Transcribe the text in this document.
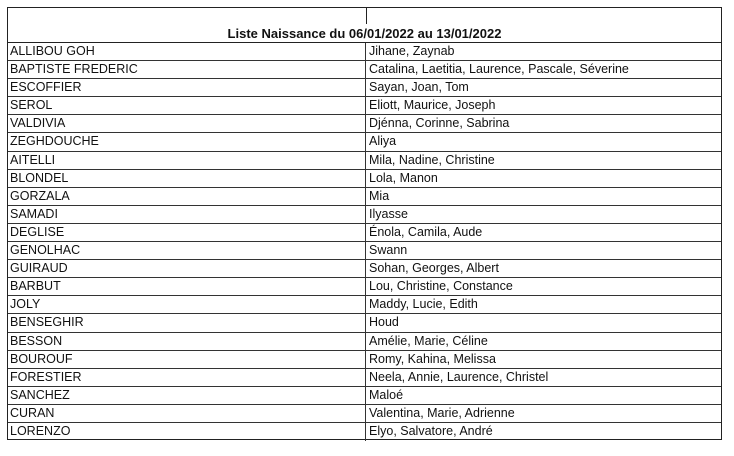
Liste Naissance du 06/01/2022 au 13/01/2022
ALLIBOU GOH	Jihane, Zaynab
BAPTISTE FREDERIC	Catalina, Laetitia, Laurence, Pascale, Séverine
ESCOFFIER	Sayan, Joan, Tom
SEROL	Eliott, Maurice, Joseph
VALDIVIA	Djénna, Corinne, Sabrina
ZEGHDOUCHE	Aliya
AITELLI	Mila, Nadine, Christine
BLONDEL	Lola, Manon
GORZALA	Mia
SAMADI	Ilyasse
DEGLISE	Énola, Camila, Aude
GENOLHAC	Swann
GUIRAUD	Sohan, Georges, Albert
BARBUT	Lou, Christine, Constance
JOLY	Maddy, Lucie, Edith
BENSEGHIR	Houd
BESSON	Amélie, Marie, Céline
BOUROUF	Romy, Kahina, Melissa
FORESTIER	Neela, Annie, Laurence, Christel
SANCHEZ	Maloé
CURAN	Valentina, Marie, Adrienne
LORENZO	Elyo, Salvatore, André
